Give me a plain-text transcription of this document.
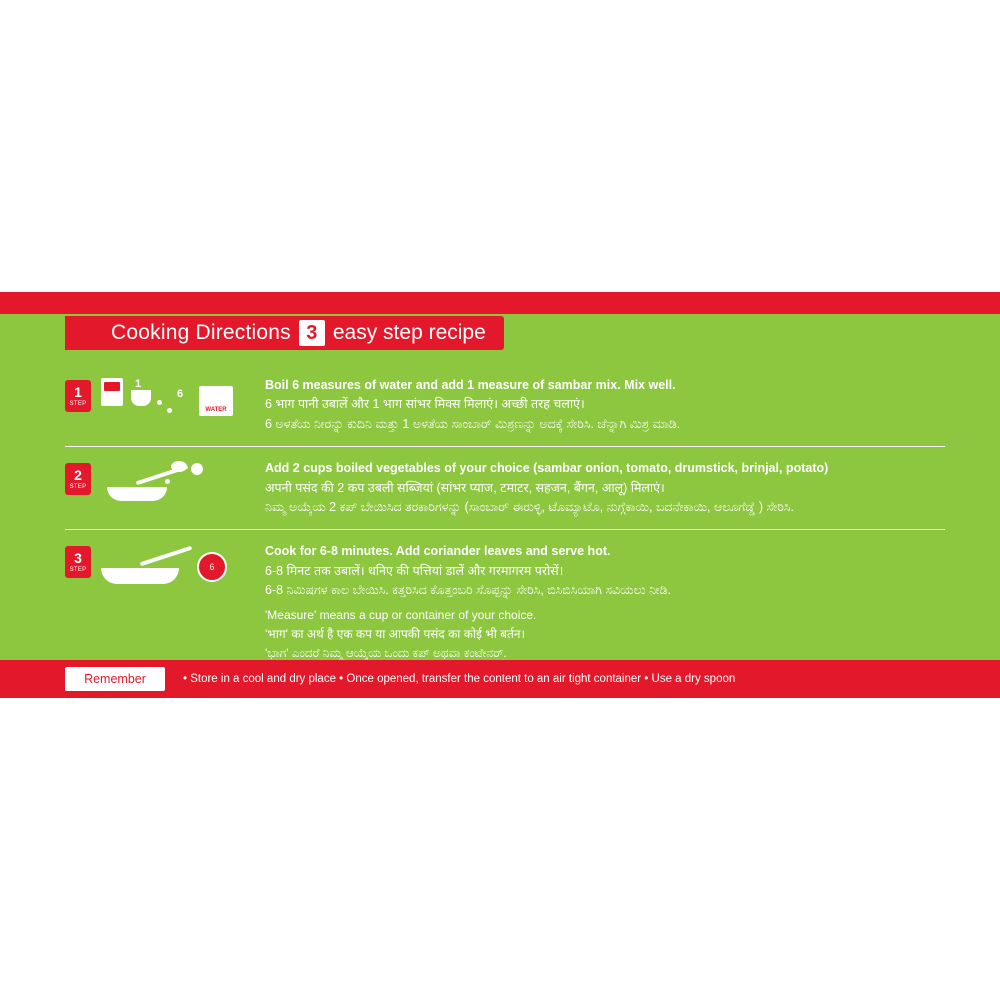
Cooking Directions 3 easy step recipe
1
STEP
1
6
WATER
Boil 6 measures of water and add 1 measure of sambar mix. Mix well.
6 भाग पानी उबालें और 1 भाग सांभर मिक्स मिलाएं। अच्छी तरह चलाएं।
6 ಅಳತೆಯ ನೀರನ್ನು ಕುದಿನಿ ಮತ್ತು 1 ಅಳತೆಯ ಸಾಂಬಾರ್ ಮಿಶ್ರಣನ್ನು ಅದಕ್ಕೆ ಸೇರಿಸಿ. ಚೆನ್ನಾಗಿ ಮಿಶ್ರ ಮಾಡಿ.
2
STEP
Add 2 cups boiled vegetables of your choice (sambar onion, tomato, drumstick, brinjal, potato)
अपनी पसंद की 2 कप उबली सब्जियां (सांभर प्याज, टमाटर, सहजन, बैंगन, आलू) मिलाएं।
ನಿಮ್ಮ ಅಯ್ಕೆಯ 2 ಕಪ್ ಬೇಯಿಸಿದ ತರಕಾರಿಗಳನ್ನು (ಸಾಂಬಾರ್ ಈರುಳ್ಳಿ, ಟೊಮ್ಯಾಟೊ, ನುಗ್ಗೆಕಾಯಿ, ಬದನೇಕಾಯಿ, ಆಲೂಗೆಡ್ಡೆ ) ಸೇರಿಸಿ.
3
STEP	6
Cook for 6-8 minutes. Add coriander leaves and serve hot.
6-8 मिनट तक उबालें। धनिए की पत्तियां डालें और गरमागरम परोसें।
6-8 ನಿಮಿಷಗಳ ಕಾಲ ಬೇಯಿಸಿ. ಕತ್ತರಿಸಿದ ಕೊತ್ತಂಬರಿ ಸೊಪ್ಪನ್ನು ಸೇರಿಸಿ, ಬಿಸಿಬಿಸಿಯಾಗಿ ಸವಿಯಲು ನೀಡಿ.
'Measure' means a cup or container of your choice.
'भाग' का अर्थ है एक कप या आपकी पसंद का कोई भी बर्तन।
'ಭಾಗ' ಎಂದರೆ ನಿಮ್ಮ ಆಯ್ಕೆಯ ಒಂದು ಕಪ್ ಅಥವಾ ಕಂಟೇನರ್.
Remember	• Store in a cool and dry place • Once opened, transfer the content to an air tight container • Use a dry spoon
